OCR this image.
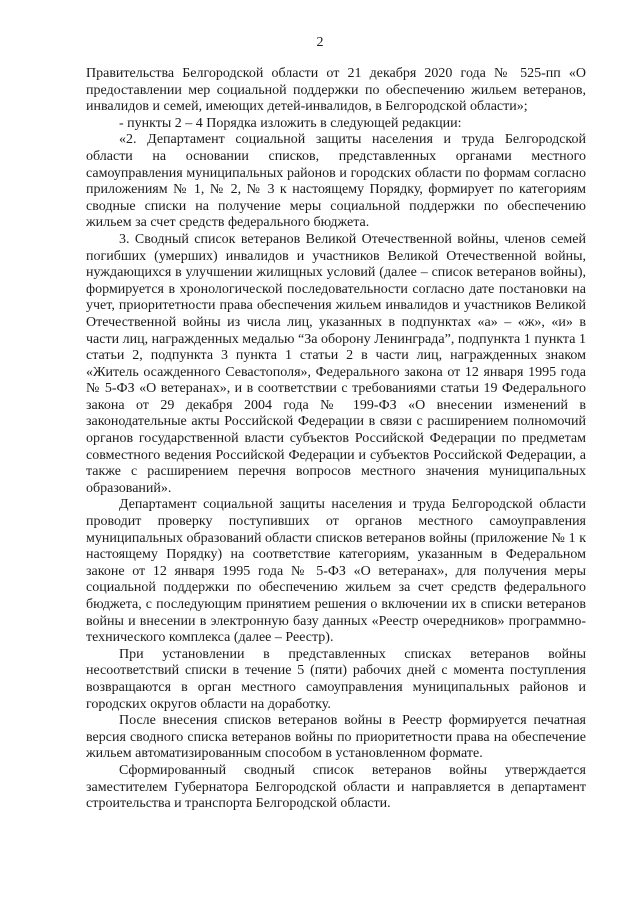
2

Правительства Белгородской области от 21 декабря 2020 года № 525-пп «О предоставлении мер социальной поддержки по обеспечению жильем ветеранов, инвалидов и семей, имеющих детей-инвалидов, в Белгородской области»;

- пункты 2 – 4 Порядка изложить в следующей редакции:

«2. Департамент социальной защиты населения и труда Белгородской области на основании списков, представленных органами местного самоуправления муниципальных районов и городских области по формам согласно приложениям № 1, № 2, № 3 к настоящему Порядку, формирует по категориям сводные списки на получение меры социальной поддержки по обеспечению жильем за счет средств федерального бюджета.

3. Сводный список ветеранов Великой Отечественной войны, членов семей погибших (умерших) инвалидов и участников Великой Отечественной войны, нуждающихся в улучшении жилищных условий (далее – список ветеранов войны), формируется в хронологической последовательности согласно дате постановки на учет, приоритетности права обеспечения жильем инвалидов и участников Великой Отечественной войны из числа лиц, указанных в подпунктах «а» – «ж», «и» в части лиц, награжденных медалью “За оборону Ленинграда”, подпункта 1 пункта 1 статьи 2, подпункта 3 пункта 1 статьи 2 в части лиц, награжденных знаком «Житель осажденного Севастополя», Федерального закона от 12 января 1995 года № 5-ФЗ «О ветеранах», и в соответствии с требованиями статьи 19 Федерального закона от 29 декабря 2004 года № 199-ФЗ «О внесении изменений в законодательные акты Российской Федерации в связи с расширением полномочий органов государственной власти субъектов Российской Федерации по предметам совместного ведения Российской Федерации и субъектов Российской Федерации, а также с расширением перечня вопросов местного значения муниципальных образований».

Департамент социальной защиты населения и труда Белгородской области проводит проверку поступивших от органов местного самоуправления муниципальных образований области списков ветеранов войны (приложение № 1 к настоящему Порядку) на соответствие категориям, указанным в Федеральном законе от 12 января 1995 года № 5-ФЗ «О ветеранах», для получения меры социальной поддержки по обеспечению жильем за счет средств федерального бюджета, с последующим принятием решения о включении их в списки ветеранов войны и внесении в электронную базу данных «Реестр очередников» программно-технического комплекса (далее – Реестр).

При установлении в представленных списках ветеранов войны несоответствий списки в течение 5 (пяти) рабочих дней с момента поступления возвращаются в орган местного самоуправления муниципальных районов и городских округов области на доработку.

После внесения списков ветеранов войны в Реестр формируется печатная версия сводного списка ветеранов войны по приоритетности права на обеспечение жильем автоматизированным способом в установленном формате.

Сформированный сводный список ветеранов войны утверждается заместителем Губернатора Белгородской области и направляется в департамент строительства и транспорта Белгородской области.
